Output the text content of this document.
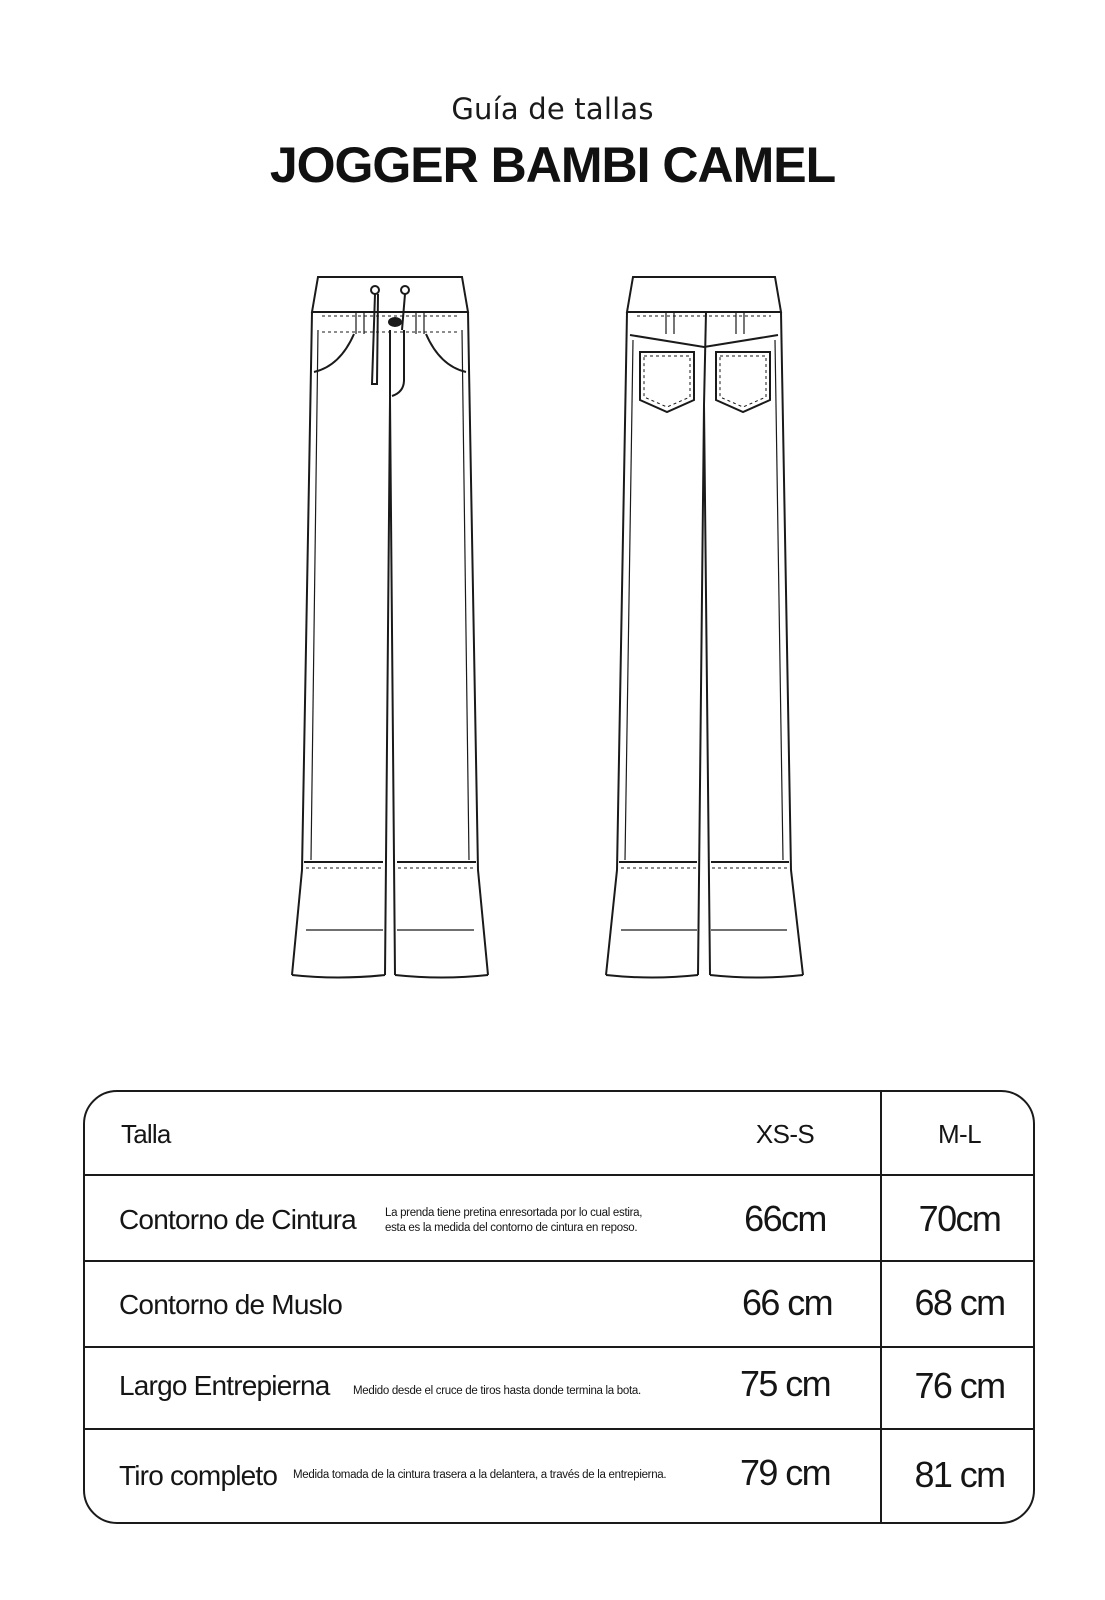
Guía de tallas
JOGGER BAMBI CAMEL
Talla	XS-S	M-L
Contorno de Cintura	La prenda tiene pretina enresortada por lo cual estira,
esta es la medida del contorno de cintura en reposo.	66cm	70cm
Contorno de Muslo	66 cm	68 cm
Largo Entrepierna Medido desde el cruce de tiros hasta donde termina la bota.	75 cm	76 cm
Tiro completo Medida tomada de la cintura trasera a la delantera, a través de la entrepierna.	79 cm	81 cm
